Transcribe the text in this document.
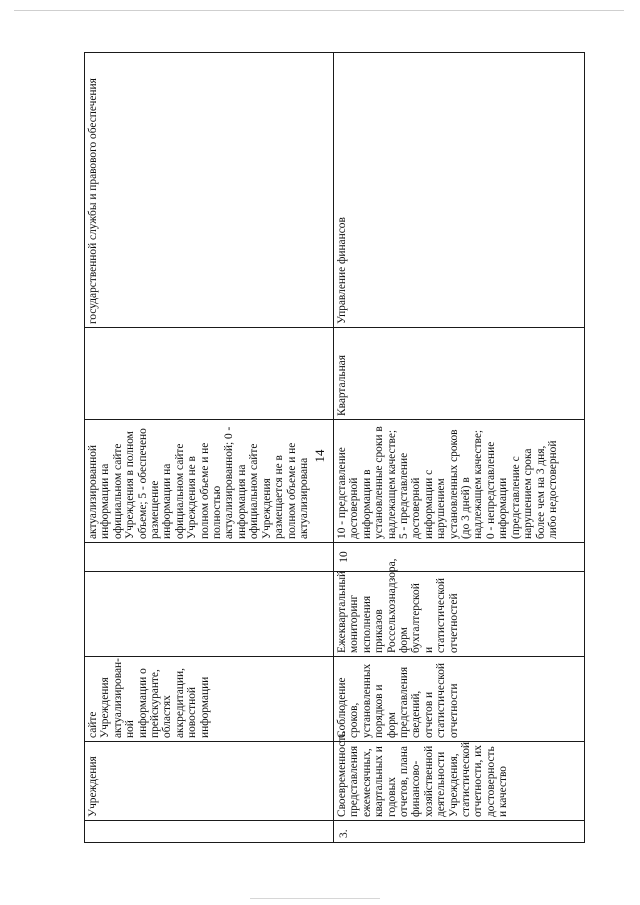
14
	Учреждения	сайте Учреждения актуализирован-ной информации о прейскуранте, областях аккредитации, новостной информации			актуализированной информации на официальном сайте Учреждения в полном объеме; 5 - обеспечено размещение информации на официальном сайте Учреждения не в полном объеме и не полностью актуализированной; 0 - информация на официальном сайте Учреждения размещается не в полном объеме и не актуализирована		государственной службы и правового обеспечения

3.	Своевременность представления ежемесячных, квартальных и годовых отчетов, плана финансово-хозяйственной деятельности Учреждения, статистической отчетности, их достоверность и качество	Соблюдение сроков, установленных порядков и форм представления сведений, отчетов и статистической отчетности	Ежеквартальный мониторинг исполнения приказов Россельхознадзора, форм бухгалтерской и статистической отчетностей	10	10 - представление достоверной информации в установленные сроки в надлежащем качестве; 5 - представление достоверной информации с нарушением установленных сроков (до 3 дней) в надлежащем качестве; 0 - непредставление информации (представление с нарушением срока более чем на 3 дня, либо недостоверной	Квартальная	Управление финансов
